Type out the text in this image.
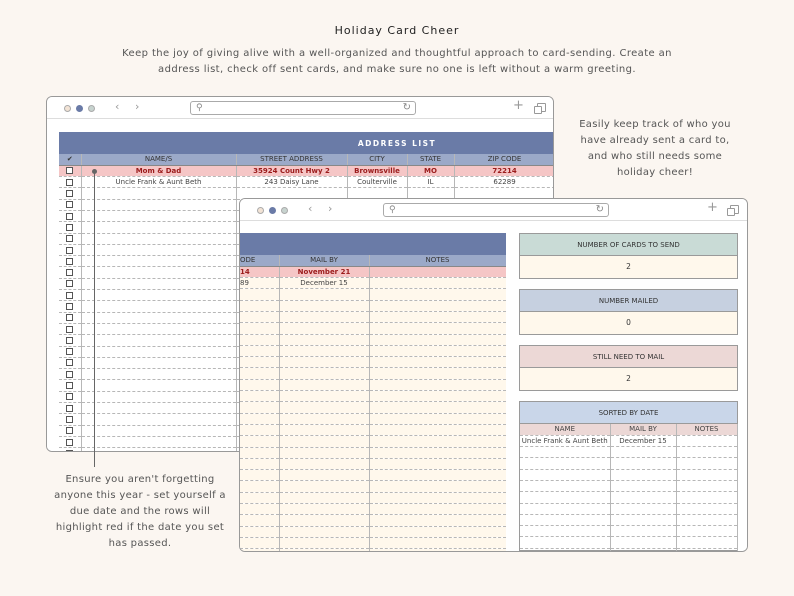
Holiday Card Cheer
Keep the joy of giving alive with a well-organized and thoughtful approach to card-sending. Create an address list, check off sent cards, and make sure no one is left without a warm greeting.
‹ ›	⚲	↻	+
ADDRESS LIST					
✔	NAME/S	STREET ADDRESS	CITY	STATE	ZIP CODE
	Mom & Dad	35924 Count Hwy 2	Brownsville	MO	72214
	Uncle Frank & Aunt Beth	243 Daisy Lane	Coulterville	IL	62289

‹ ›	⚲	↻	+

ODE	MAIL BY	NOTES
14	November 21	
89	December 15	

NUMBER OF CARDS TO SEND
2
NUMBER MAILED
0
STILL NEED TO MAIL
2
SORTED BY DATE
NAME	MAIL BY	NOTES
Uncle Frank & Aunt Beth	December 15	

Easily keep track of who you have already sent a card to, and who still needs some holiday cheer!
Ensure you aren't forgetting anyone this year - set yourself a due date and the rows will highlight red if the date you set has passed.
